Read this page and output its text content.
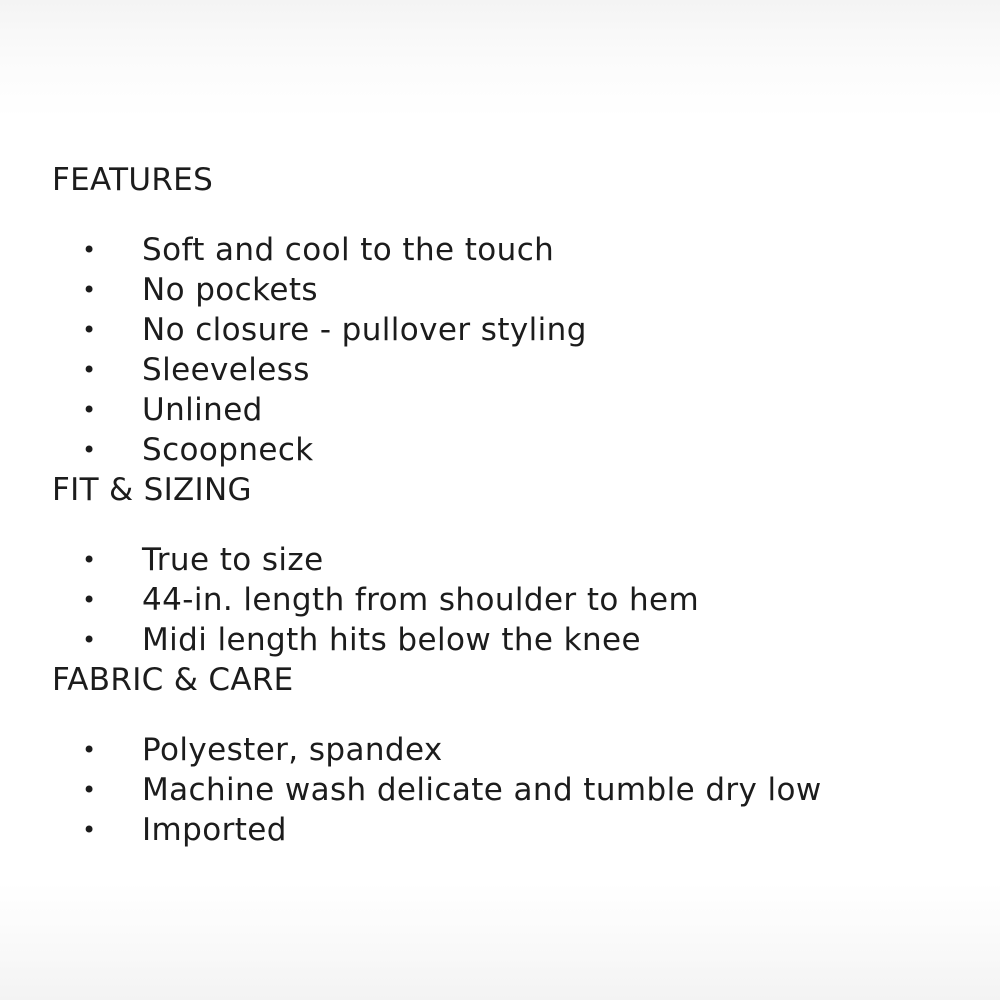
FEATURES
• Soft and cool to the touch
• No pockets
• No closure - pullover styling
• Sleeveless
• Unlined
• Scoopneck
FIT & SIZING
• True to size
• 44-in. length from shoulder to hem
• Midi length hits below the knee
FABRIC & CARE
• Polyester, spandex
• Machine wash delicate and tumble dry low
• Imported
